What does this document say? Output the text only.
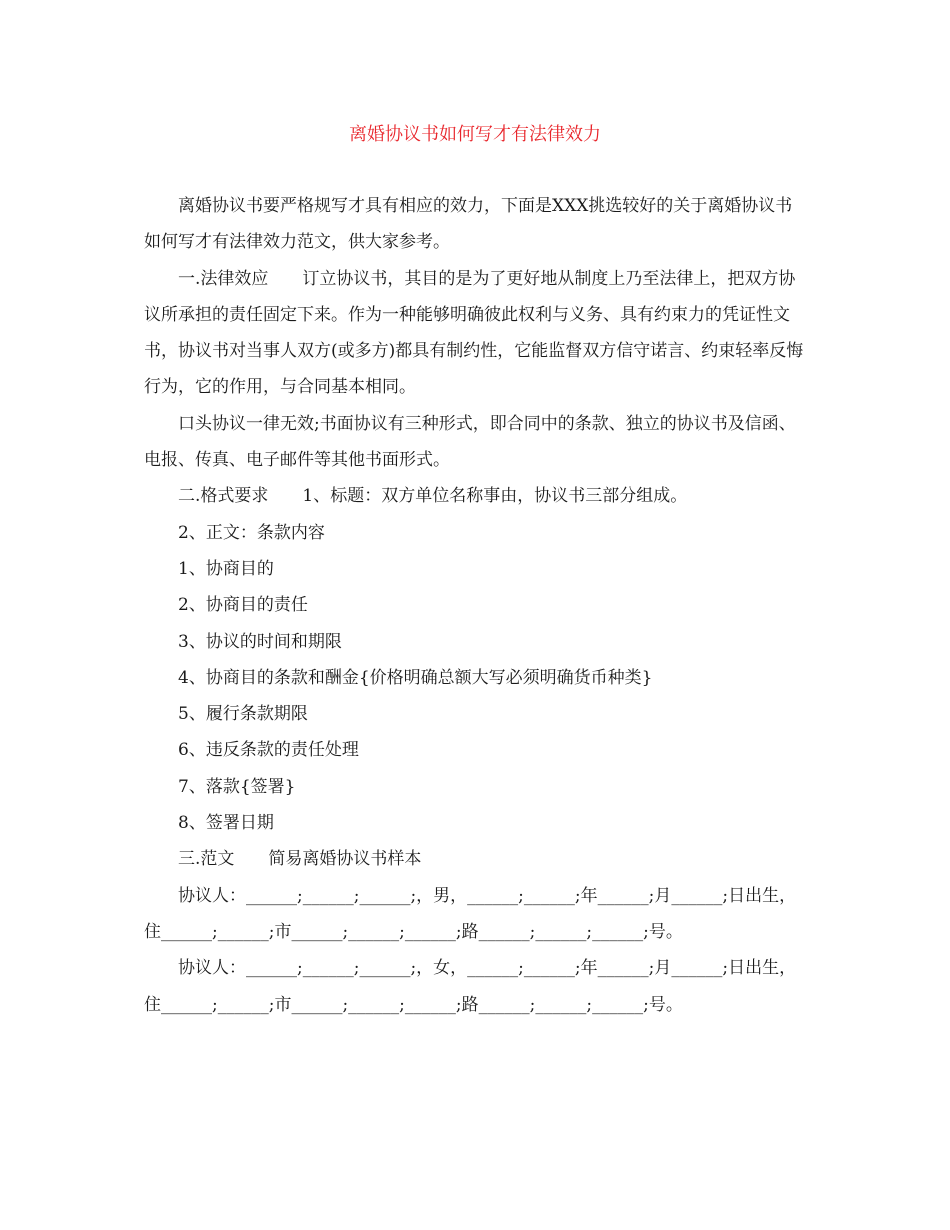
离婚协议书如何写才有法律效力

离婚协议书要严格规写才具有相应的效力，下面是XXX挑选较好的关于离婚协议书如何写才有法律效力范文，供大家参考。

一.法律效应　　订立协议书，其目的是为了更好地从制度上乃至法律上，把双方协议所承担的责任固定下来。作为一种能够明确彼此权利与义务、具有约束力的凭证性文书，协议书对当事人双方(或多方)都具有制约性，它能监督双方信守诺言、约束轻率反悔行为，它的作用，与合同基本相同。

口头协议一律无效;书面协议有三种形式，即合同中的条款、独立的协议书及信函、电报、传真、电子邮件等其他书面形式。

二.格式要求　　1、标题：双方单位名称事由，协议书三部分组成。

2、正文：条款内容

1、协商目的

2、协商目的责任

3、协议的时间和期限

4、协商目的条款和酬金{价格明确总额大写必须明确货币种类}

5、履行条款期限

6、违反条款的责任处理

7、落款{签署}

8、签署日期

三.范文　　简易离婚协议书样本

协议人：______;______;______;，男，______;______;年______;月______;日出生，住______;______;市______;______;______;路______;______;______;号。

协议人：______;______;______;，女，______;______;年______;月______;日出生，住______;______;市______;______;______;路______;______;______;号。
